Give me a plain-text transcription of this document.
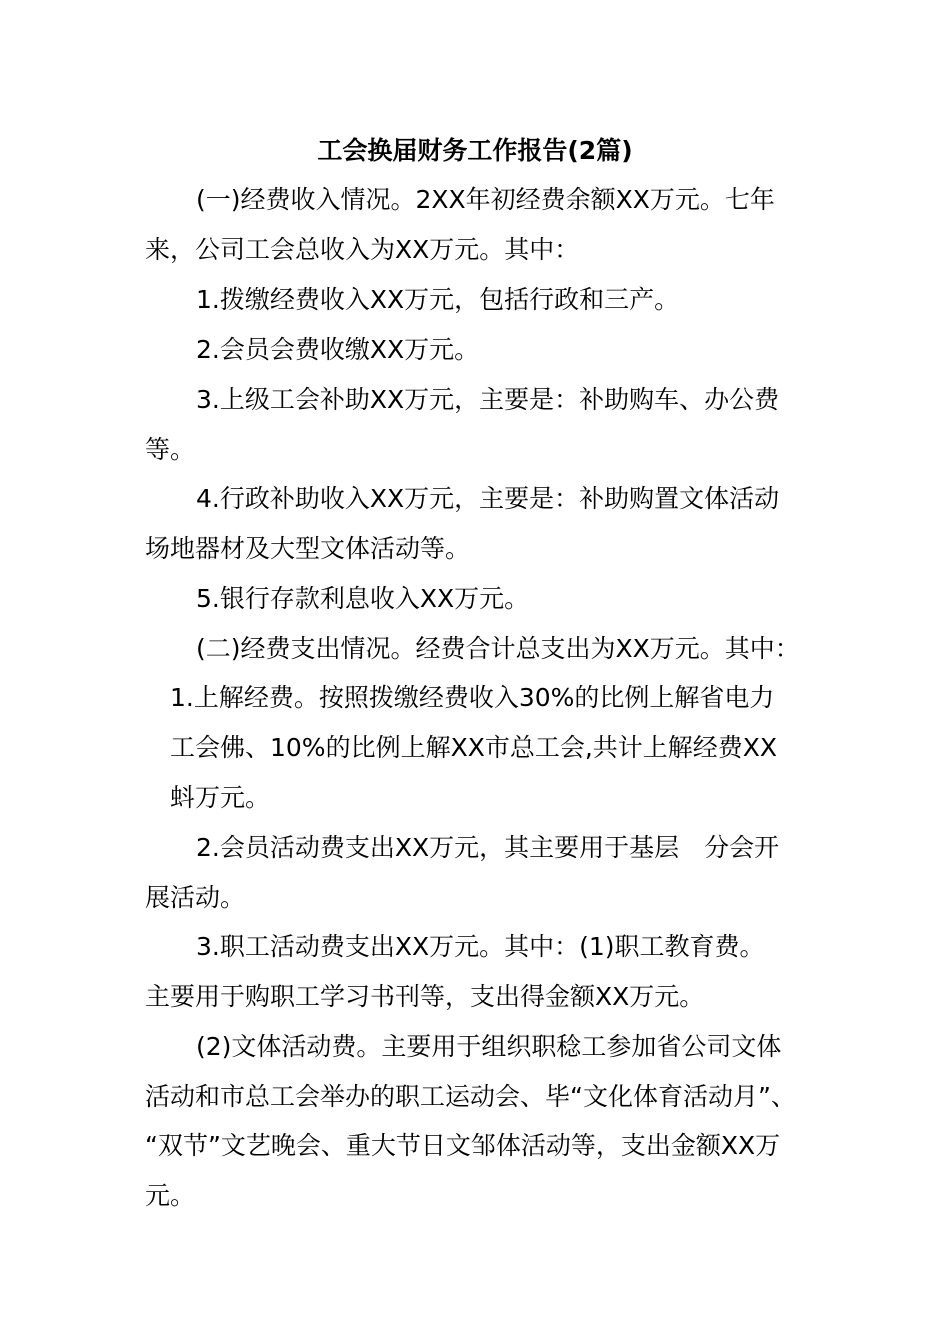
工会换届财务工作报告(2篇)
(一)经费收入情况。2XX年初经费余额XX万元。七年
来，公司工会总收入为XX万元。其中：
1.拨缴经费收入XX万元，包括行政和三产。
2.会员会费收缴XX万元。
3.上级工会补助XX万元，主要是：补助购车、办公费
等。
4.行政补助收入XX万元，主要是：补助购置文体活动
场地器材及大型文体活动等。
5.银行存款利息收入XX万元。
(二)经费支出情况。经费合计总支出为XX万元。其中：
1.上解经费。按照拨缴经费收入30%的比例上解省电力
工会佛、10%的比例上解XX市总工会,共计上解经费XX
蚪万元。
2.会员活动费支出XX万元，其主要用于基层　分会开
展活动。
3.职工活动费支出XX万元。其中：(1)职工教育费。
主要用于购职工学习书刊等，支出得金额XX万元。
(2)文体活动费。主要用于组织职稔工参加省公司文体
活动和市总工会举办的职工运动会、毕“文化体育活动月”、
“双节”文艺晚会、重大节日文邹体活动等，支出金额XX万
元。
